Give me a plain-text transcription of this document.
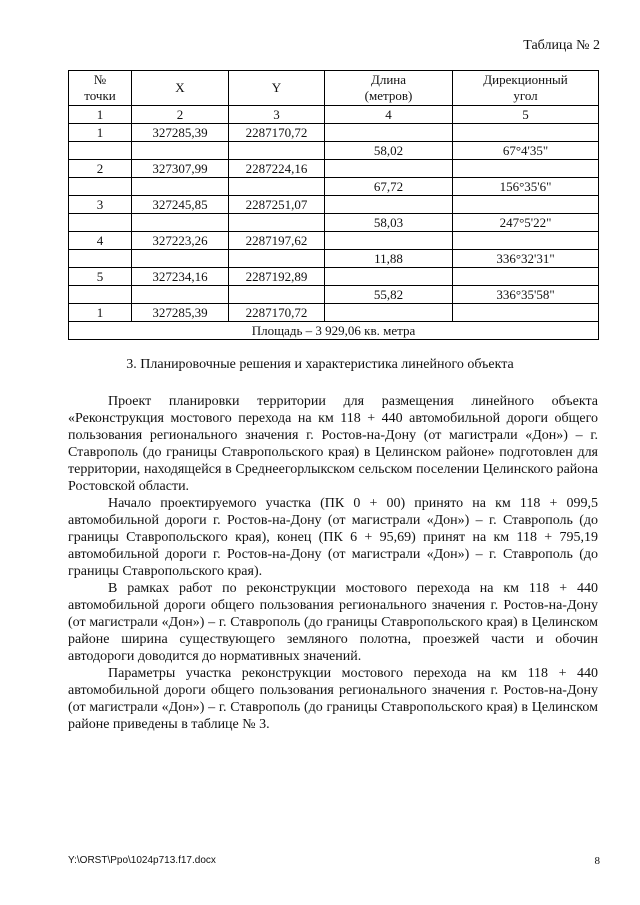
Таблица № 2
№
точки	X	Y	Длина
(метров)	Дирекционный
угол
1	2	3	4	5
1	327285,39	2287170,72		
			58,02	67°4'35"
2	327307,99	2287224,16		
			67,72	156°35'6"
3	327245,85	2287251,07		
			58,03	247°5'22"
4	327223,26	2287197,62		
			11,88	336°32'31"
5	327234,16	2287192,89		
			55,82	336°35'58"
1	327285,39	2287170,72		
Площадь – 3 929,06 кв. метра				
3. Планировочные решения и характеристика линейного объекта

Проект планировки территории для размещения линейного объекта «Реконструкция мостового перехода на км 118 + 440 автомобильной дороги общего пользования регионального значения г. Ростов-на-Дону (от магистрали «Дон») – г. Ставрополь (до границы Ставропольского края) в Целинском районе» подготовлен для территории, находящейся в Среднеегорлыкском сельском поселении Целинского района Ростовской области.

Начало проектируемого участка (ПК 0 + 00) принято на км 118 + 099,5 автомобильной дороги г. Ростов-на-Дону (от магистрали «Дон») – г. Ставрополь (до границы Ставропольского края), конец (ПК 6 + 95,69) принят на км 118 + 795,19 автомобильной дороги г. Ростов-на-Дону (от магистрали «Дон») – г. Ставрополь (до границы Ставропольского края).

В рамках работ по реконструкции мостового перехода на км 118 + 440 автомобильной дороги общего пользования регионального значения г. Ростов-на-Дону (от магистрали «Дон») – г. Ставрополь (до границы Ставропольского края) в Целинском районе ширина существующего земляного полотна, проезжей части и обочин автодороги доводится до нормативных значений.

Параметры участка реконструкции мостового перехода на км 118 + 440 автомобильной дороги общего пользования регионального значения г. Ростов-на-Дону (от магистрали «Дон») – г. Ставрополь (до границы Ставропольского края) в Целинском районе приведены в таблице № 3.

Y:\ORST\Ppo\1024p713.f17.docx	8
